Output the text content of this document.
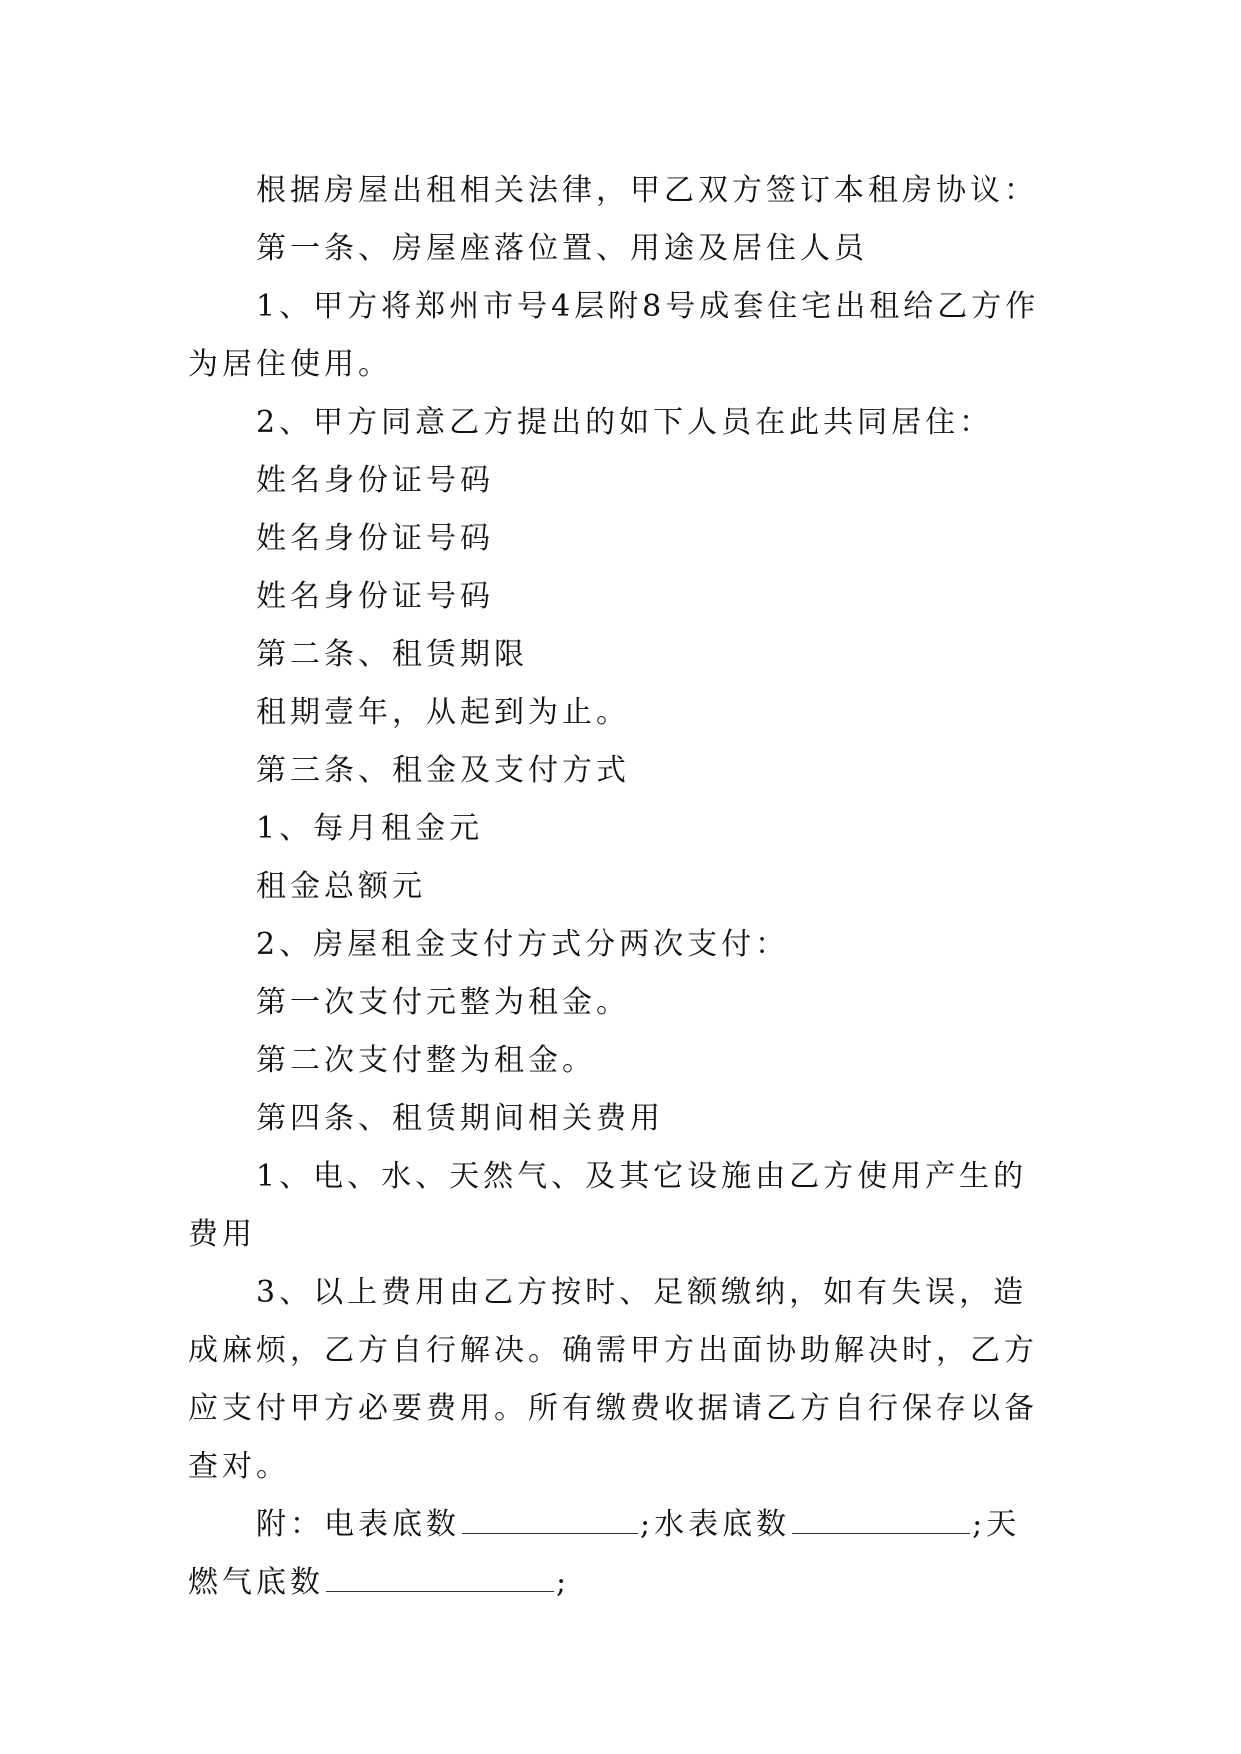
根据房屋出租相关法律，甲乙双方签订本租房协议：

第一条、房屋座落位置、用途及居住人员

1、甲方将郑州市号4层附8号成套住宅出租给乙方作为居住使用。

2、甲方同意乙方提出的如下人员在此共同居住：

姓名身份证号码

姓名身份证号码

姓名身份证号码

第二条、租赁期限

租期壹年，从起到为止。

第三条、租金及支付方式

1、每月租金元

租金总额元

2、房屋租金支付方式分两次支付：

第一次支付元整为租金。

第二次支付整为租金。

第四条、租赁期间相关费用

1、电、水、天然气、及其它设施由乙方使用产生的费用

3、以上费用由乙方按时、足额缴纳，如有失误，造成麻烦，乙方自行解决。确需甲方出面协助解决时，乙方应支付甲方必要费用。所有缴费收据请乙方自行保存以备查对。

附：电表底数	;水表底数	;天燃气底数	;
